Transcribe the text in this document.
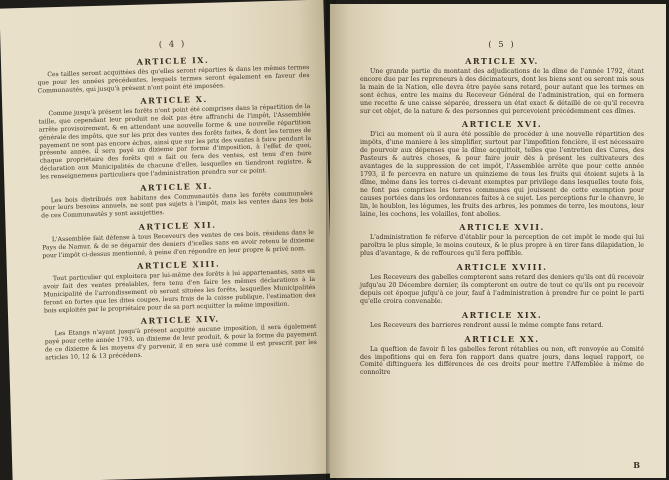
( 4 )
ARTICLE IX.

Ces tailles seront acquittées dès qu'elles seront réparties & dans les mêmes termes que pour les années précédentes, lesquels termes seront également en faveur des Communautés, qui jusqu'à présent n'ont point été imposées.

ARTICLE X.

Comme jusqu'à présent les forêts n'ont point été comprises dans la répartition de la taille, que cependant leur produit ne doit pas être affranchi de l'impôt, l'Assemblée arrête provisoirement, & en attendant une nouvelle forme & une nouvelle répartition générale des impôts, que sur les prix des ventes des forêts faites, & dont les termes de payement ne sont pas encore échus, ainsi que sur les prix des ventes à faire pendant la présente année, il sera payé un dixieme par forme d'imposition, à l'effet de quoi, chaque propriétaire des forêts qui a fait ou fera des ventes, est tenu d'en faire déclaration aux Municipalités de chacune d'elles, lesquelles en tiendront registre, & les renseignemens particuliers que l'administration prendra sur ce point.

ARTICLE XI.

Les bois distribués aux habitans des Communautés dans les forêts communales pour leurs besoins annuels, ne sont pas sujets à l'impôt, mais les ventes dans les bois de ces Communautés y sont assujetties.

ARTICLE XII.

L'Assemblée fait défense à tous Receveurs des ventes de ces bois, résidens dans le Pays de Namur, & de se dégarnir des deniers d'icelles sans en avoir retenu le dixieme pour l'impôt ci-dessus mentionné, à peine d'en répondre en leur propre & privé nom.

ARTICLE XIII.

Tout particulier qui exploitera par lui-même des forêts à lui appartenantes, sans en avoir fait des ventes préalables, fera tenu d'en faire les mêmes déclarations à la Municipalité de l'arrondissement où seront situées les forêts, lesquelles Municipalités feront en fortes que les dites coupes, leurs frais de la caisse publique, l'estimation des bois exploités par le propriétaire pour de sa part acquitter la même imposition.

ARTICLE XIV.

Les Etangs n'ayant jusqu'à présent acquitté aucune imposition, il sera également payé pour cette année 1793, un dixieme de leur produit, & pour la forme du payement de ce dixieme & les moyens d'y parvenir, il en sera usé comme il est prescrit par les articles 10, 12 & 13 précédens.

( 5 )
ARTICLE XV.

Une grande partie du montant des adjudications de la dîme de l'année 1792, étant encore due par les repreneurs à des décimateurs, dont les biens sont ou seront mis sous la main de la Nation, elle devra être payée sans retard, pour autant que les termes en sont échus, entre les mains du Receveur Général de l'administration, qui en formera une recette & une caisse séparée, dressera un état exact & détaillé de ce qu'il recevra sur cet objet, de la nature & des personnes qui percevoient précédemment ces dîmes.

ARTICLE XVI.

D'ici au moment où il aura été possible de procéder à une nouvelle répartition des impôts, d'une maniere à les simplifier, surtout par l'impofition foncière, il est nécessaire de pourvoir aux dépenses que la dîme acquittoit, telles que l'entretien des Cures, des Pasteurs & autres choses, & pour faire jouir dès à présent les cultivateurs des avantages de la suppression de cet impôt, l'Assemblée arrête que pour cette année 1793, il fe percevra en nature un quinzieme de tous les fruits qui étoient sujets à la dîme, même dans les terres ci-devant exemptes par privilege dans lesquelles toute fois, ne font pas comprises les terres communes qui jouissent de cette exemption pour causes portées dans les ordonnances faites à ce sujet. Les perceptions fur le chanvre, le lin, le houblon, les légumes, les fruits des arbres, les pommes de terre, les moutons, leur laine, les cochons, les volailles, font abolies.

ARTICLE XVII.

L'administration fe réferve d'établir pour la perception de cet impôt le mode qui lui paroîtra le plus simple, le moins couteux, & le plus propre à en tirer fans dilapidation, le plus d'avantage, & de reffources qu'il fera poffible.

ARTICLE XVIII.

Les Receveurs des gabelles compteront sans retard des deniers qu'ils ont dû recevoir jufqu'au 20 Décembre dernier, ils compteront en outre de tout ce qu'ils ont pu recevoir depuis cet époque jufqu'à ce jour, fauf à l'administration à prendre fur ce point le parti qu'elle croira convenable.

ARTICLE XIX.

Les Receveurs des barrieres rendront aussi le même compte fans retard.

ARTICLE XX.

La queftion de favoir fi les gabelles feront rétablies ou non, eft renvoyée au Comité des impofitions qui en fera fon rapport dans quatre jours, dans lequel rapport, ce Comité diftinguera les différences de ces droits pour mettre l'Affemblée à même de connoître

B
